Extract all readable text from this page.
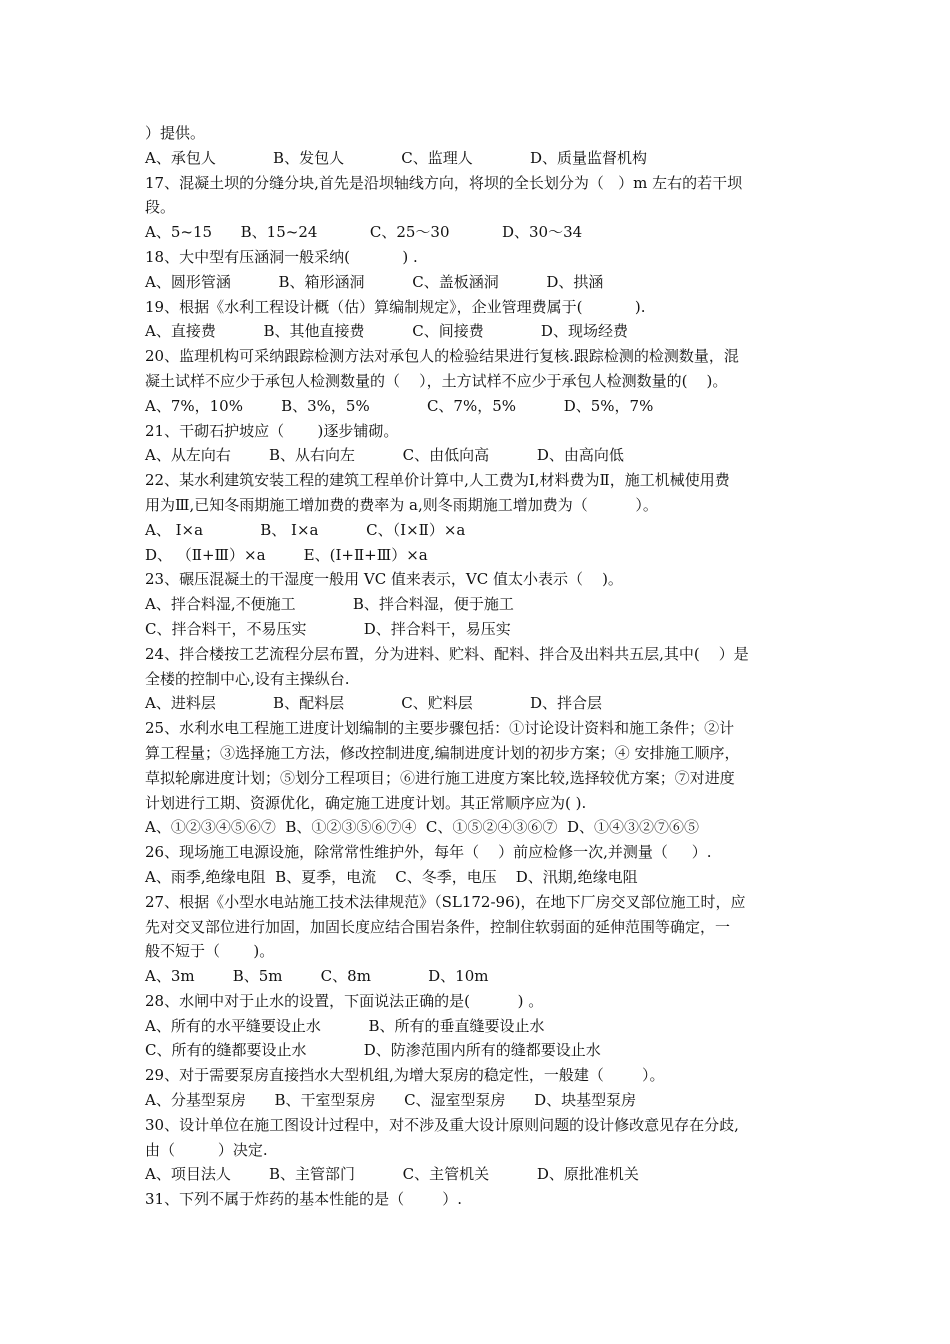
）提供。
A、承包人            B、发包人            C、监理人            D、质量监督机构
17、混凝土坝的分缝分块,首先是沿坝轴线方向，将坝的全长划分为（   ）m 左右的若干坝
段。
A、5~15      B、15~24           C、25～30           D、30～34
18、大中型有压涵洞一般采纳(           ) .
A、圆形管涵          B、箱形涵洞          C、盖板涵洞          D、拱涵
19、根据《水利工程设计概（估）算编制规定》，企业管理费属于(           ).
A、直接费          B、其他直接费          C、间接费            D、现场经费
20、监理机构可采纳跟踪检测方法对承包人的检验结果进行复核.跟踪检测的检测数量，混
凝土试样不应少于承包人检测数量的（    ），土方试样不应少于承包人检测数量的(    )。
A、7%，10%        B、3%，5%            C、7%，5%          D、5%，7%
21、干砌石护坡应（       )逐步铺砌。
A、从左向右        B、从右向左          C、由低向高          D、由高向低
22、某水利建筑安装工程的建筑工程单价计算中,人工费为Ⅰ,材料费为Ⅱ，施工机械使用费
用为Ⅲ,已知冬雨期施工增加费的费率为 a,则冬雨期施工增加费为（          ）。
A、 Ⅰ×a            B、 Ⅰ×a          C、（Ⅰ×Ⅱ）×a
D、 （Ⅱ+Ⅲ）×a        E、(Ⅰ+Ⅱ+Ⅲ）×a
23、碾压混凝土的干湿度一般用 VC 值来表示，VC 值太小表示（    )。
A、拌合料湿,不便施工            B、拌合料湿，便于施工
C、拌合料干，不易压实            D、拌合料干，易压实
24、拌合楼按工艺流程分层布置，分为进料、贮料、配料、拌合及出料共五层,其中(    ）是
全楼的控制中心,设有主操纵台.
A、进料层            B、配料层            C、贮料层            D、拌合层
25、水利水电工程施工进度计划编制的主要步骤包括：①讨论设计资料和施工条件；②计
算工程量；③选择施工方法，修改控制进度,编制进度计划的初步方案；④ 安排施工顺序，
草拟轮廓进度计划；⑤划分工程项目；⑥进行施工进度方案比较,选择较优方案；⑦对进度
计划进行工期、资源优化，确定施工进度计划。其正常顺序应为( ).
A、①②③④⑤⑥⑦  B、①②③⑤⑥⑦④  C、①⑤②④③⑥⑦  D、①④③②⑦⑥⑤
26、现场施工电源设施，除常常性维护外，每年（    ）前应检修一次,并测量（     ）.
A、雨季,绝缘电阻  B、夏季，电流    C、冬季，电压    D、汛期,绝缘电阻
27、根据《小型水电站施工技术法律规范》（SL172-96)，在地下厂房交叉部位施工时，应
先对交叉部位进行加固，加固长度应结合围岩条件，控制住软弱面的延伸范围等确定，一
般不短于（       )。
A、3m        B、5m        C、8m            D、10m
28、水闸中对于止水的设置，下面说法正确的是(          ) 。
A、所有的水平缝要设止水          B、所有的垂直缝要设止水
C、所有的缝都要设止水            D、防渗范围内所有的缝都要设止水
29、对于需要泵房直接挡水大型机组,为增大泵房的稳定性，一般建（        ）。
A、分基型泵房      B、干室型泵房      C、湿室型泵房      D、块基型泵房
30、设计单位在施工图设计过程中，对不涉及重大设计原则问题的设计修改意见存在分歧,
由（         ）决定.
A、项目法人        B、主管部门          C、主管机关          D、原批准机关
31、下列不属于炸药的基本性能的是（        ）.
